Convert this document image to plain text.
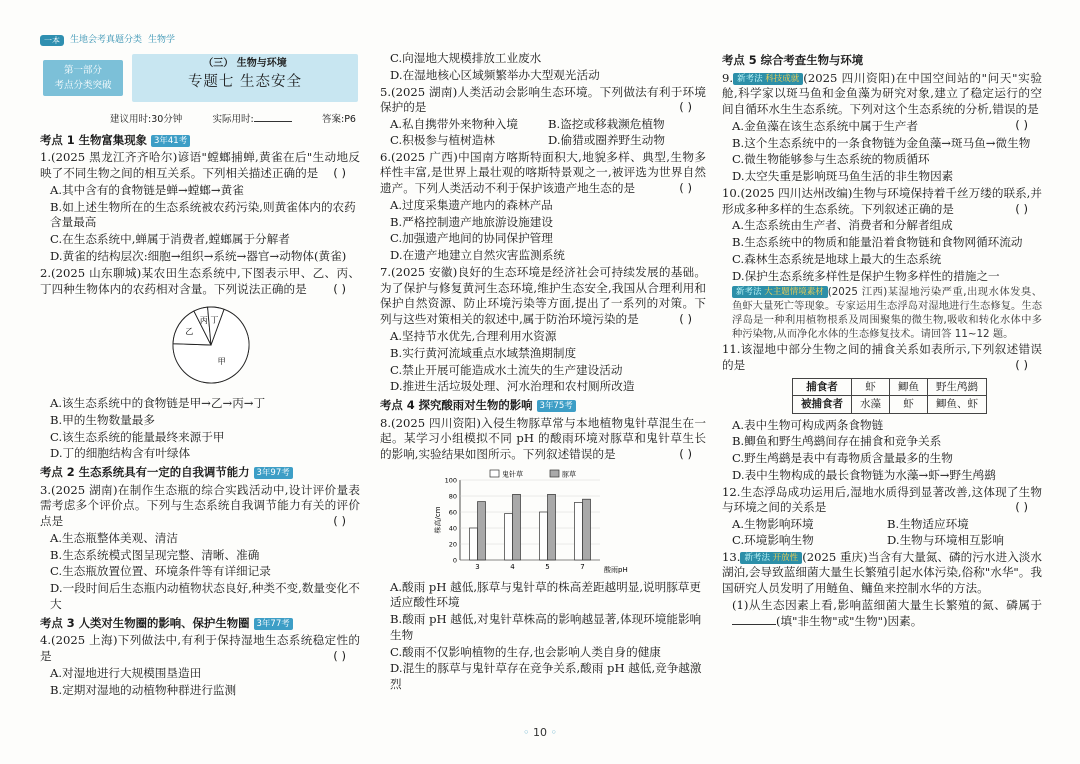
一本	生地会考真题分类 生物学
第一部分
考点分类突破
（三） 生物与环境
专题七 生态安全
建议用时:30分钟	实际用时:	答案:P6
考点 1 生物富集现象 3年41考
1.(2025 黑龙江齐齐哈尔)谚语"螳螂捕蝉,黄雀在后"生动地反映了不同生物之间的相互关系。下列相关描述正确的是 ( )
A.其中含有的食物链是蝉→螳螂→黄雀
B.如上述生物所在的生态系统被农药污染,则黄雀体内的农药含量最高
C.在生态系统中,蝉属于消费者,螳螂属于分解者
D.黄雀的结构层次:细胞→组织→系统→器官→动物体(黄雀)
2.(2025 山东聊城)某农田生态系统中,下图表示甲、乙、丙、丁四种生物体内的农药相对含量。下列说法正确的是 ( )
甲
乙
丙 丁
A.该生态系统中的食物链是甲→乙→丙→丁
B.甲的生物数量最多
C.该生态系统的能量最终来源于甲
D.丁的细胞结构含有叶绿体
考点 2 生态系统具有一定的自我调节能力 3年97考
3.(2025 湖南)在制作生态瓶的综合实践活动中,设计评价量表需考虑多个评价点。下列与生态系统自我调节能力有关的评价点是	( )
A.生态瓶整体美观、清洁
B.生态系统模式图呈现完整、清晰、准确
C.生态瓶放置位置、环境条件等有详细记录
D.一段时间后生态瓶内动植物状态良好,种类不变,数量变化不大
考点 3 人类对生物圈的影响、保护生物圈 3年77考
4.(2025 上海)下列做法中,有利于保持湿地生态系统稳定性的是	( )
A.对湿地进行大规模围垦造田
B.定期对湿地的动植物种群进行监测
C.向湿地大规模排放工业废水
D.在湿地核心区域频繁举办大型观光活动
5.(2025 湖南)人类活动会影响生态环境。下列做法有利于环境保护的是	( )
A.私自携带外来物种入境	B.盗挖或移栽濒危植物
C.积极参与植树造林	D.偷猎或圈养野生动物
6.(2025 广西)中国南方喀斯特面积大,地貌多样、典型,生物多样性丰富,是世界上最壮观的喀斯特景观之一,被评选为世界自然遗产。下列人类活动不利于保护该遗产地生态的是	( )
A.过度采集遗产地内的森林产品
B.严格控制遗产地旅游设施建设
C.加强遗产地间的协同保护管理
D.在遗产地建立自然灾害监测系统
7.(2025 安徽)良好的生态环境是经济社会可持续发展的基础。为了保护与修复黄河生态环境,维护生态安全,我国从合理利用和保护自然资源、防止环境污染等方面,提出了一系列的对策。下列与这些对策相关的叙述中,属于防治环境污染的是	( )
A.坚持节水优先,合理利用水资源
B.实行黄河流域重点水域禁渔期制度
C.禁止开展可能造成水土流失的生产建设活动
D.推进生活垃圾处理、河水治理和农村厕所改造
考点 4 探究酸雨对生物的影响 3年75考
8.(2025 四川资阳)入侵生物豚草常与本地植物鬼针草混生在一起。某学习小组模拟不同 pH 的酸雨环境对豚草和鬼针草生长的影响,实验结果如图所示。下列叙述错误的是	( )
0
20
40
60
80
100
株高/cm
酸雨pH
3	4	5	7
鬼针草	豚草
A.酸雨 pH 越低,豚草与鬼针草的株高差距越明显,说明豚草更适应酸性环境
B.酸雨 pH 越低,对鬼针草株高的影响越显著,体现环境能影响生物
C.酸雨不仅影响植物的生存,也会影响人类自身的健康
D.混生的豚草与鬼针草存在竞争关系,酸雨 pH 越低,竞争越激烈
考点 5 综合考查生物与环境
9. 新考法 科技成就 (2025 四川资阳)在中国空间站的"问天"实验舱,科学家以斑马鱼和金鱼藻为研究对象,建立了稳定运行的空间自循环水生生态系统。下列对这个生态系统的分析,错误的是
( )
A.金鱼藻在该生态系统中属于生产者
B.这个生态系统中的一条食物链为金鱼藻→斑马鱼→微生物
C.微生物能够参与生态系统的物质循环
D.太空失重是影响斑马鱼生活的非生物因素
10.(2025 四川达州改编)生物与环境保持着千丝万缕的联系,并形成多种多样的生态系统。下列叙述正确的是	( )
A.生态系统由生产者、消费者和分解者组成
B.生态系统中的物质和能量沿着食物链和食物网循环流动
C.森林生态系统是地球上最大的生态系统
D.保护生态系统多样性是保护生物多样性的措施之一
新考法 大主题情境素材 (2025 江西)某湿地污染严重,出现水体发臭、鱼虾大量死亡等现象。专家运用生态浮岛对湿地进行生态修复。生态浮岛是一种利用植物根系及周围聚集的微生物,吸收和转化水体中多种污染物,从而净化水体的生态修复技术。请回答 11~12 题。
11.该湿地中部分生物之间的捕食关系如表所示,下列叙述错误的是	( )
捕食者	虾	鲫鱼	野生鸬鹚
被捕食者	水藻	虾	鲫鱼、虾
A.表中生物可构成两条食物链
B.鲫鱼和野生鸬鹚间存在捕食和竞争关系
C.野生鸬鹚是表中有毒物质含量最多的生物
D.表中生物构成的最长食物链为水藻→虾→野生鸬鹚
12.生态浮岛成功运用后,湿地水质得到显著改善,这体现了生物与环境之间的关系是	( )
A.生物影响环境	B.生物适应环境
C.环境影响生物	D.生物与环境相互影响
13. 新考法 开放性 (2025 重庆)当含有大量氮、磷的污水进入淡水湖泊,会导致蓝细菌大量生长繁殖引起水体污染,俗称"水华"。我国研究人员发明了用鲢鱼、鳙鱼来控制水华的方法。
(1)从生态因素上看,影响蓝细菌大量生长繁殖的氮、磷属于(填"非生物"或"生物")因素。
◦ 10 ◦
